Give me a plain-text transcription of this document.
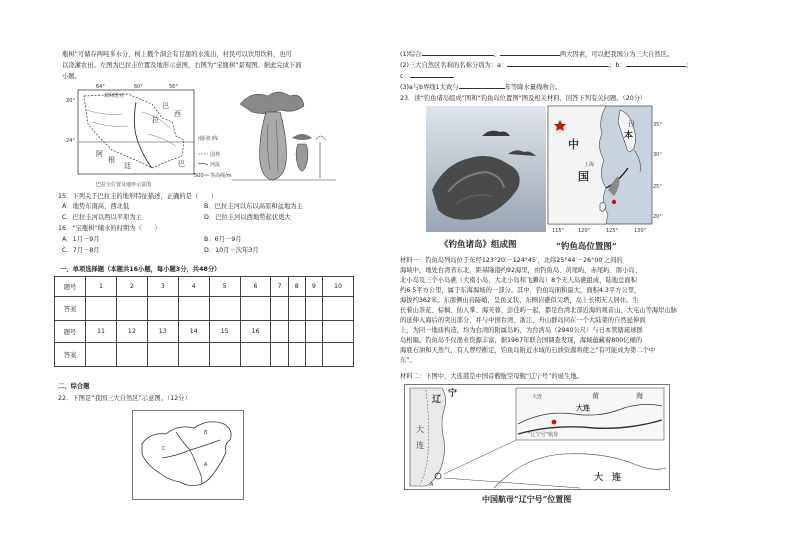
瓶树”可储存两吨多水分，树上戳个洞会有甘甜的水流出，村民可以饮用饮料，也可
以浇灌农田。左图为巴拉圭位置及地形示意图，右图为“宝瓶树”景观图。据此完成下面
小题。
64°	60°	56°
20°
24°
玻利维亚
巴
拉
西
阿
根
廷	巴
南回归线
国界
河流
500 等高线/m
巴拉圭位置及地形示意图
15．下列关于巴拉圭的地形特征描述，正确的是（　　）
A．地势东南高，西北低	B．巴拉圭河以东以高原和盆地为主
C．巴拉圭河以西以平原为主	D．巴拉圭河以西地势起伏更大
16．“宝瓶树”储水的时期为（　　）
A．1月－9月	B．6月－9月
C．7月－8月	D．10月－次年3月
一、单项选择题（本题共16小题，每小题3分，共48分）
题号	1	2	3	4	5	6	7	8	9	10
答案										
题号	11	12	13	14	15	16				
答案										
二、综合题
22．下图是“我国三大自然区”示意图。（12分）
B
A
C
(1)综合	、	两大因素，可以把我国分为三大自然区。
(2)三大自然区名称的名称分别为：a：	；b：	；
c：
(3)a与b界线1大致与	年等降水量线吻合。
23．读“钓鱼诸岛组成”图和“钓鱼岛位置图”图及相关材料，回答下列有关问题。（20分）
《钓鱼诸岛》组成图
中
国
上海
本
日	35°
30°
25°
20°
115°	120°	125°	130°
“钓鱼岛位置图”
材料一：钓鱼岛列岛位于东经123°20′－124°45′，北纬25°44′－26°00′之间的
海域中，地处台湾省东北，距基隆港约92海里，由钓鱼岛、黄尾屿、赤尾屿、南小岛、
北小岛及三个小岛礁（大南小岛、大北小岛和飞濑岛）8个无人岛礁组成，陆地总面积
约6.5平方公里，属于东海海域的一部分。其中，钓鱼岛面积最大，面积4.3平方公里，
海拔约362米。东南侧山岩陡峭，呈鱼叉状，东侧岩礁似尖塔，岛上长期无人居住。生
长着山茶花、棕榈、仙人掌、海芙蓉、彭佳屿一起，都是台湾北部近海的观音山、大屯山等海岸山脉
的延伸入海后的突出部分，并与中国台湾、浙江、舟山群岛同在一个大陆架的自然延伸面
上，为同一地质构造，均为台湾的附属岛屿，为台湾岛（2940公尺）与日本管辖琉球群
岛相隔。钓鱼岛不仅渔业资源丰富，据1967年联合国调查发现，海域蕴藏着800亿桶的
海底石油和天然气，有人曾经断定，钓鱼岛附近水域的石油资源将使之“有可能成为第二个中
东”。
材料二：下图中，大连港是中国首艘航空母舰“辽宁号”的诞生地。
辽
宁
大
连
A
大连	黄	海
大连
“辽宁号”航母
大　连
中国航母“辽宁号”位置图
